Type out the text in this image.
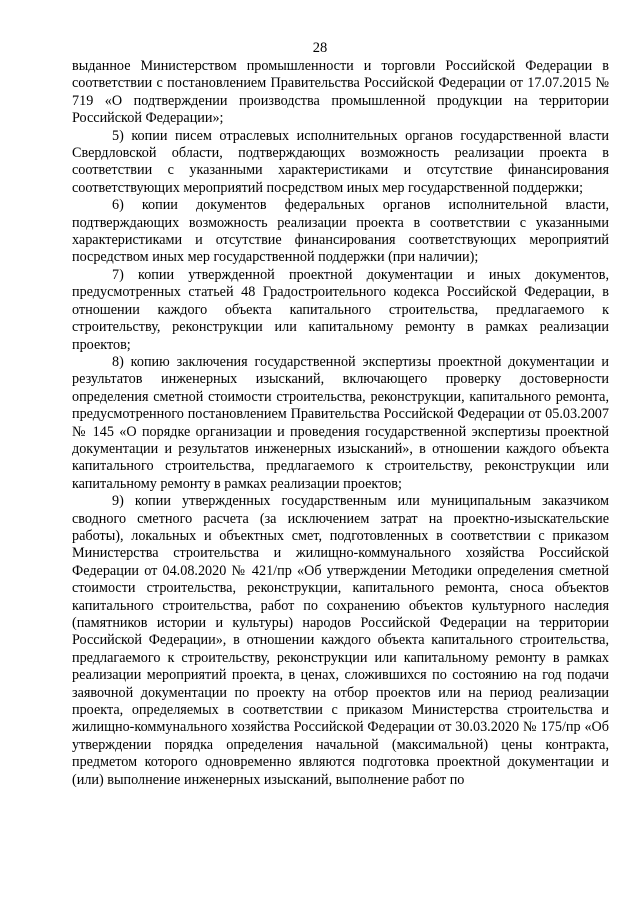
28

выданное Министерством промышленности и торговли Российской Федерации в соответствии с постановлением Правительства Российской Федерации от 17.07.2015 № 719 «О подтверждении производства промышленной продукции на территории Российской Федерации»;

5) копии писем отраслевых исполнительных органов государственной власти Свердловской области, подтверждающих возможность реализации проекта в соответствии с указанными характеристиками и отсутствие финансирования соответствующих мероприятий посредством иных мер государственной поддержки;

6) копии документов федеральных органов исполнительной власти, подтверждающих возможность реализации проекта в соответствии с указанными характеристиками и отсутствие финансирования соответствующих мероприятий посредством иных мер государственной поддержки (при наличии);

7) копии утвержденной проектной документации и иных документов, предусмотренных статьей 48 Градостроительного кодекса Российской Федерации, в отношении каждого объекта капитального строительства, предлагаемого к строительству, реконструкции или капитальному ремонту в рамках реализации проектов;

8) копию заключения государственной экспертизы проектной документации и результатов инженерных изысканий, включающего проверку достоверности определения сметной стоимости строительства, реконструкции, капитального ремонта, предусмотренного постановлением Правительства Российской Федерации от 05.03.2007 № 145 «О порядке организации и проведения государственной экспертизы проектной документации и результатов инженерных изысканий», в отношении каждого объекта капитального строительства, предлагаемого к строительству, реконструкции или капитальному ремонту в рамках реализации проектов;

9) копии утвержденных государственным или муниципальным заказчиком сводного сметного расчета (за исключением затрат на проектно-изыскательские работы), локальных и объектных смет, подготовленных в соответствии с приказом Министерства строительства и жилищно-коммунального хозяйства Российской Федерации от 04.08.2020 № 421/пр «Об утверждении Методики определения сметной стоимости строительства, реконструкции, капитального ремонта, сноса объектов капитального строительства, работ по сохранению объектов культурного наследия (памятников истории и культуры) народов Российской Федерации на территории Российской Федерации», в отношении каждого объекта капитального строительства, предлагаемого к строительству, реконструкции или капитальному ремонту в рамках реализации мероприятий проекта, в ценах, сложившихся по состоянию на год подачи заявочной документации по проекту на отбор проектов или на период реализации проекта, определяемых в соответствии с приказом Министерства строительства и жилищно-коммунального хозяйства Российской Федерации от 30.03.2020 № 175/пр «Об утверждении порядка определения начальной (максимальной) цены контракта, предметом которого одновременно являются подготовка проектной документации и (или) выполнение инженерных изысканий, выполнение работ по
